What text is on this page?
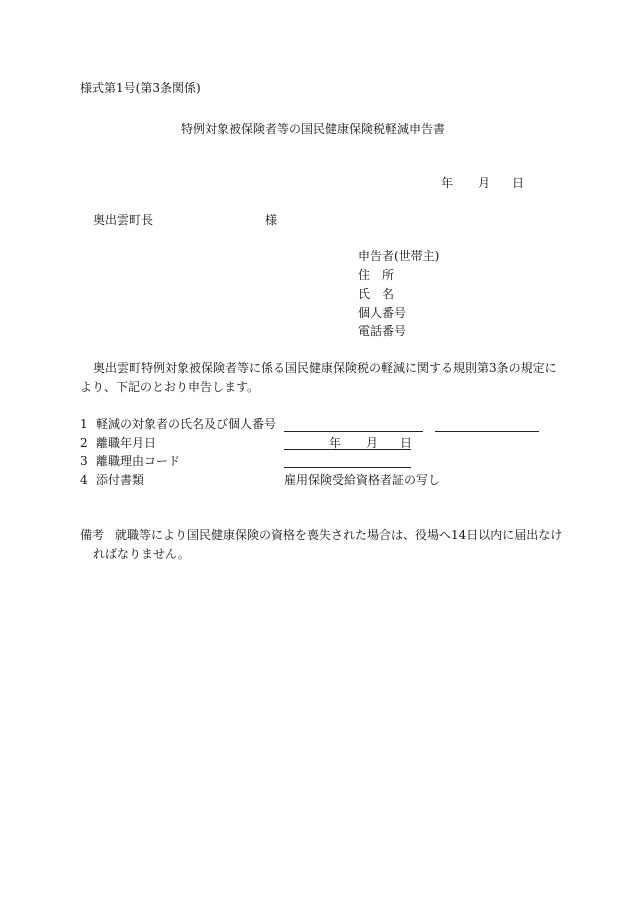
様式第1号(第3条関係)
特例対象被保険者等の国民健康保険税軽減申告書
年 月 日
奥出雲町長	様
申告者(世帯主)
住　所
氏　名
個人番号
電話番号
奥出雲町特例対象被保険者等に係る国民健康保険税の軽減に関する規則第3条の規定に
より、下記のとおり申告します。
1 軽減の対象者の氏名及び個人番号
2 離職年月日	年 月 日
3 離職理由コード
4 添付書類	雇用保険受給資格者証の写し
備考 就職等により国民健康保険の資格を喪失された場合は、役場へ14日以内に届出なけ
ればなりません。
